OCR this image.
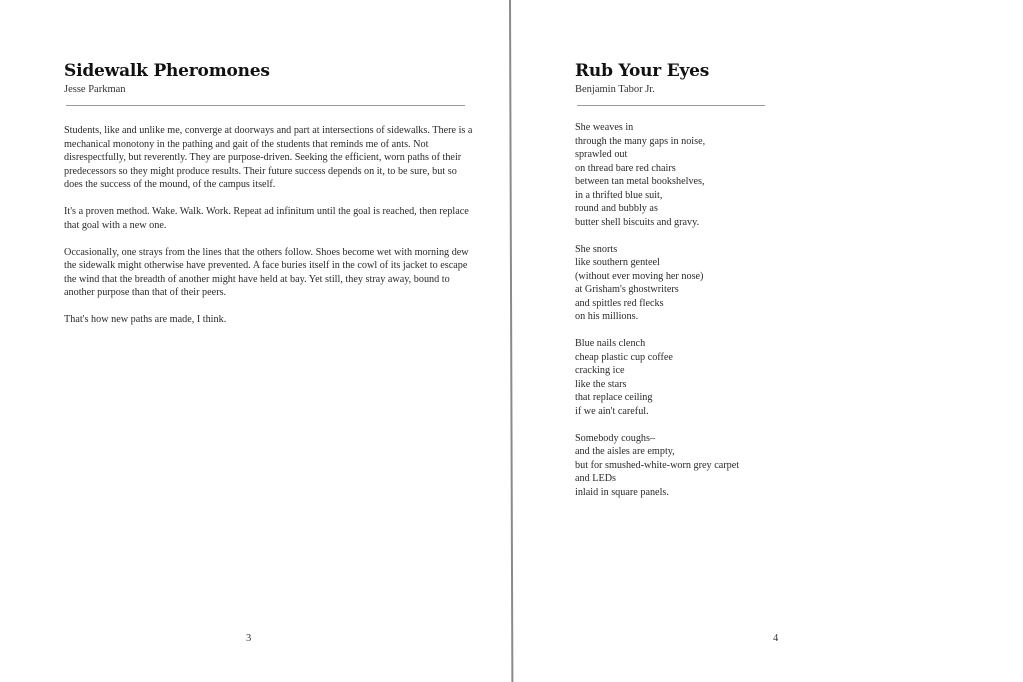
Sidewalk Pheromones
Jesse Parkman

Students, like and unlike me, converge at doorways and part at intersections of sidewalks. There is a mechanical monotony in the pathing and gait of the students that reminds me of ants. Not disrespectfully, but reverently. They are purpose-driven. Seeking the efficient, worn paths of their predecessors so they might produce results. Their future success depends on it, to be sure, but so does the success of the mound, of the campus itself.

It's a proven method. Wake. Walk. Work. Repeat ad infinitum until the goal is reached, then replace that goal with a new one.

Occasionally, one strays from the lines that the others follow. Shoes become wet with morning dew the sidewalk might otherwise have prevented. A face buries itself in the cowl of its jacket to escape the wind that the breadth of another might have held at bay. Yet still, they stray away, bound to another purpose than that of their peers.

That's how new paths are made, I think.

3
Rub Your Eyes
Benjamin Tabor Jr.
She weaves in
through the many gaps in noise,
sprawled out
on thread bare red chairs
between tan metal bookshelves,
in a thrifted blue suit,
round and bubbly as
butter shell biscuits and gravy.
She snorts
like southern genteel
(without ever moving her nose)
at Grisham's ghostwriters
and spittles red flecks
on his millions.
Blue nails clench
cheap plastic cup coffee
cracking ice
like the stars
that replace ceiling
if we ain't careful.
Somebody coughs–
and the aisles are empty,
but for smushed-white-worn grey carpet
and LEDs
inlaid in square panels.
4
